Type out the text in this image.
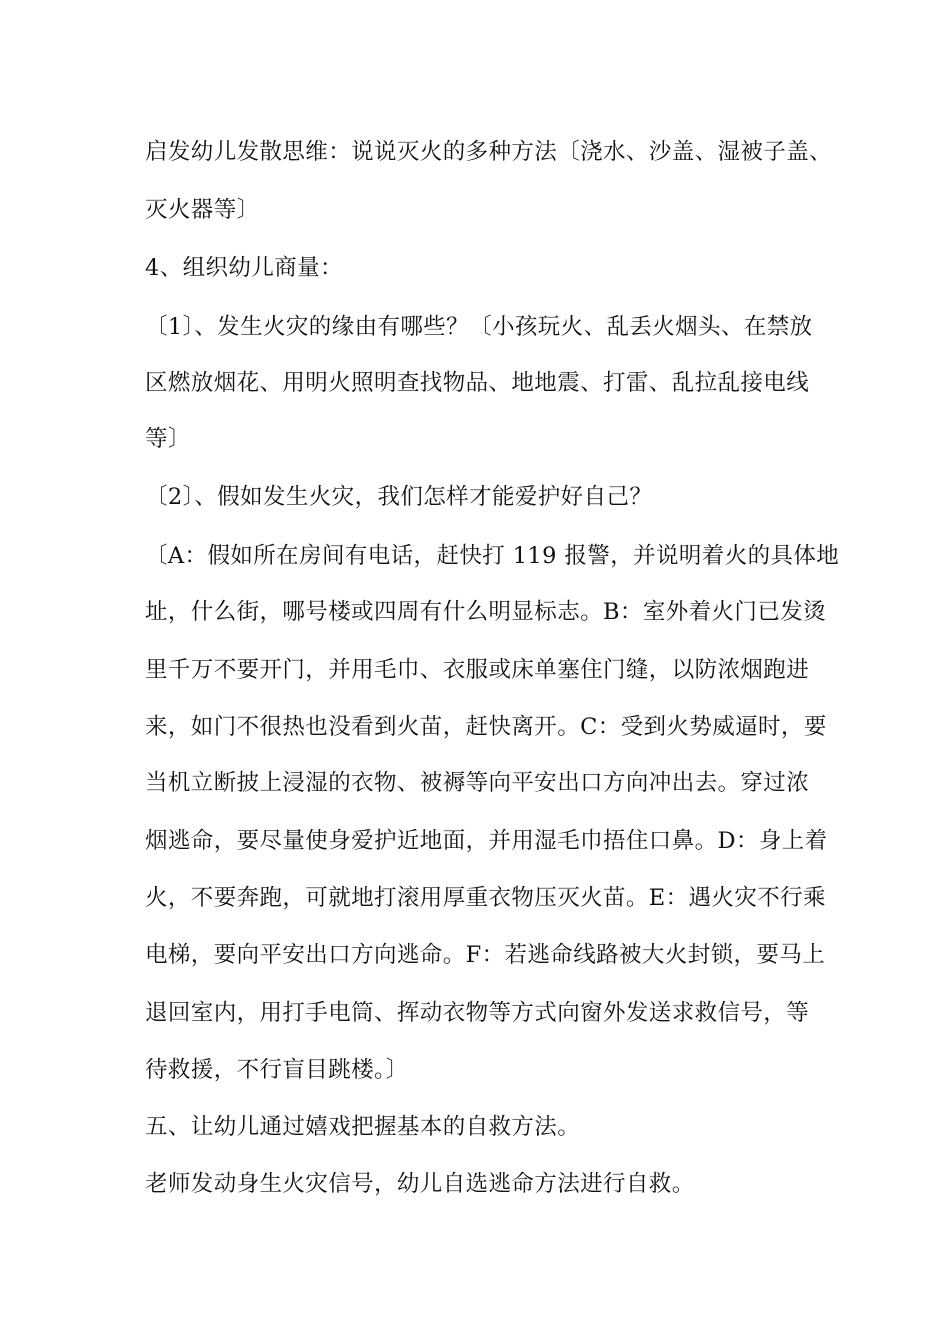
启发幼儿发散思维：说说灭火的多种方法〔浇水、沙盖、湿被子盖、
灭火器等〕
4、组织幼儿商量：
〔1〕、发生火灾的缘由有哪些？〔小孩玩火、乱丢火烟头、在禁放
区燃放烟花、用明火照明查找物品、地地震、打雷、乱拉乱接电线
等〕
〔2〕、假如发生火灾，我们怎样才能爱护好自己？
〔A：假如所在房间有电话，赶快打 119 报警，并说明着火的具体地
址，什么街，哪号楼或四周有什么明显标志。B：室外着火门已发烫
里千万不要开门，并用毛巾、衣服或床单塞住门缝，以防浓烟跑进
来，如门不很热也没看到火苗，赶快离开。C：受到火势威逼时，要
当机立断披上浸湿的衣物、被褥等向平安出口方向冲出去。穿过浓
烟逃命，要尽量使身爱护近地面，并用湿毛巾捂住口鼻。D：身上着
火，不要奔跑，可就地打滚用厚重衣物压灭火苗。E：遇火灾不行乘
电梯，要向平安出口方向逃命。F：若逃命线路被大火封锁，要马上
退回室内，用打手电筒、挥动衣物等方式向窗外发送求救信号，等
待救援，不行盲目跳楼。〕
五、让幼儿通过嬉戏把握基本的自救方法。
老师发动身生火灾信号，幼儿自选逃命方法进行自救。
